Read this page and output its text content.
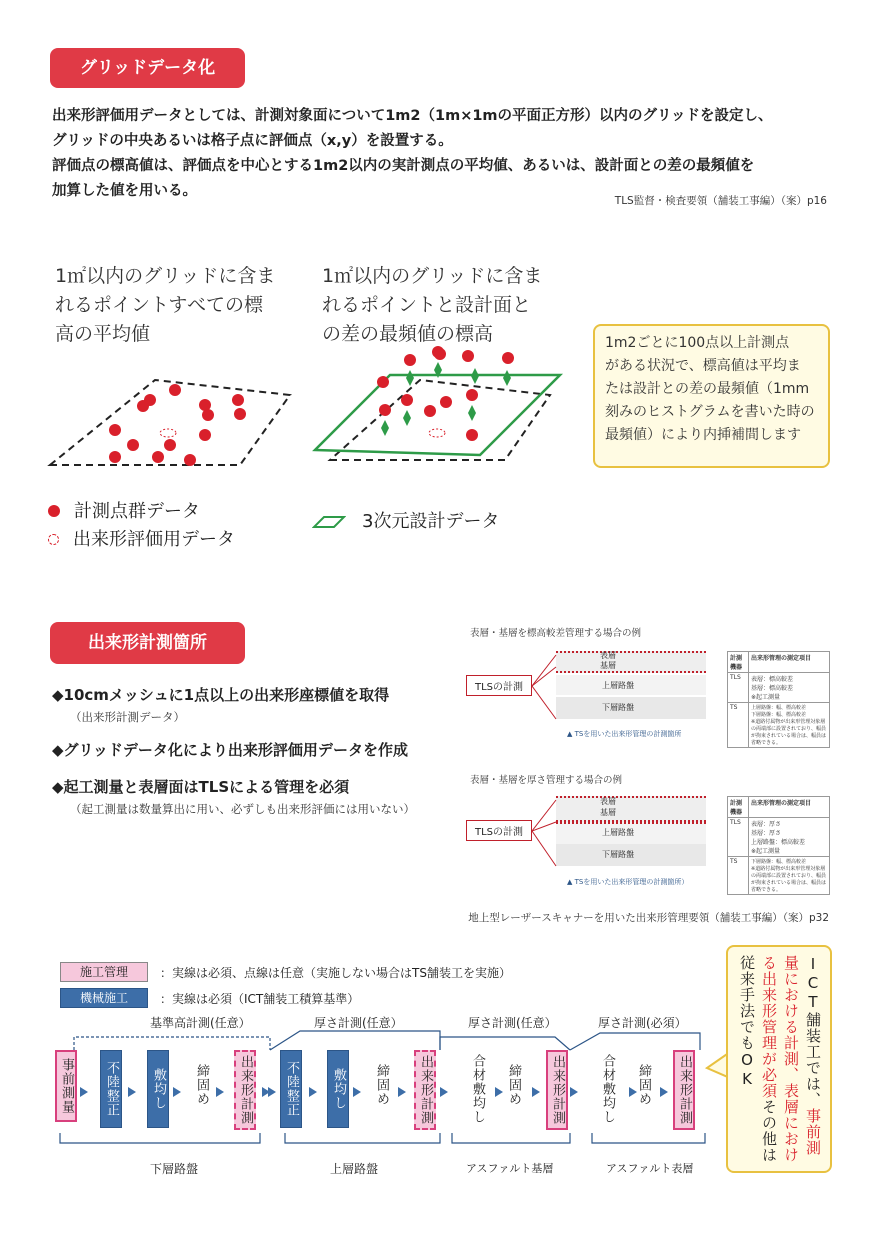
グリッドデータ化
出来形評価用データとしては、計測対象面について1m2（1m×1mの平面正方形）以内のグリッドを設定し、
グリッドの中央あるいは格子点に評価点（x,y）を設置する。
評価点の標高値は、評価点を中心とする1m2以内の実計測点の平均値、あるいは、設計面との差の最頻値を
加算した値を用いる。
TLS監督・検査要領（舗装工事編）（案）p16
1㎡以内のグリッドに含ま
れるポイントすべての標
高の平均値
1㎡以内のグリッドに含ま
れるポイントと設計面と
の差の最頻値の標高
計測点群データ
出来形評価用データ
3次元設計データ
1m2ごとに100点以上計測点
がある状況で、標高値は平均ま
たは設計との差の最頻値（1mm
刻みのヒストグラムを書いた時の
最頻値）により内挿補間します
出来形計測箇所
◆10cmメッシュに1点以上の出来形座標値を取得
（出来形計測データ）
◆グリッドデータ化により出来形評価用データを作成
◆起工測量と表層面はTLSによる管理を必須
（起工測量は数量算出に用い、必ずしも出来形評価には用いない）
表層・基層を標高較差管理する場合の例
表層
基層
上層路盤
下層路盤
TLSの計測
▲ TSを用いた出来形管理の計測箇所
計測機器	出来形管理の測定項目
TLS	表層：標高較差
基層：標高較差
※起工測量
TS	上層路盤：幅、標高較差
下層路盤：幅、標高較差
※道路付属物が出来形管理対象層の両端部に設置されており、幅員が拘束されている場合は、幅員は省略できる。
表層・基層を厚さ管理する場合の例
表層
基層
上層路盤
下層路盤
TLSの計測
▲ TSを用いた出来形管理の計測箇所）
計測機器	出来形管理の測定項目
TLS	表層：厚さ
基層：厚さ
上層路盤：標高較差
※起工測量
TS	下層路盤：幅、標高較差
※道路付属物が出来形管理対象層の両端部に設置されており、幅員が拘束されている場合は、幅員は省略できる。
地上型レーザースキャナーを用いた出来形管理要領（舗装工事編）（案）p32
施工管理	：実線は必須、点線は任意（実施しない場合はTS舗装工を実施）
機械施工	：実線は必須（ICT舗装工積算基準）
基準高計測(任意）	厚さ計測(任意）	厚さ計測(任意）	厚さ計測(必須）
事前測量	不陸整正	敷均し	締固め	出来形計測	不陸整正	敷均し	締固め	出来形計測	合材敷均し	締固め	出来形計測	合材敷均し	締固め	出来形計測
下層路盤	上層路盤	アスファルト基層	アスファルト表層
ICT舗装工では、事前測量における計測、表層における出来形管理が必須その他は従来手法でもOK
